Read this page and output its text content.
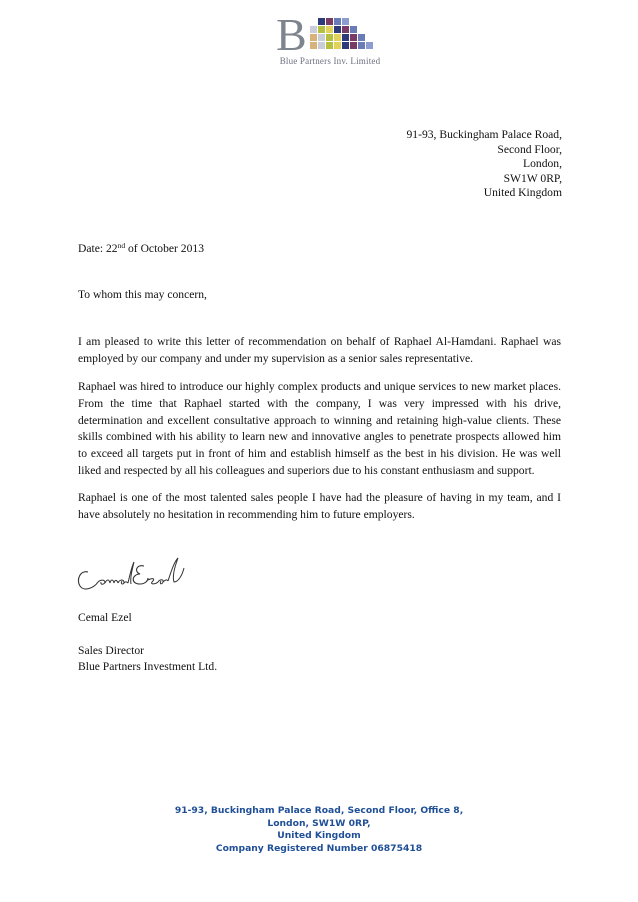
B
Blue Partners Inv. Limited
91-93, Buckingham Palace Road,
Second Floor,
London,
SW1W 0RP,
United Kingdom
Date: 22nd of October 2013
To whom this may concern,

I am pleased to write this letter of recommendation on behalf of Raphael Al-Hamdani. Raphael was employed by our company and under my supervision as a senior sales representative.

Raphael was hired to introduce our highly complex products and unique services to new market places. From the time that Raphael started with the company, I was very impressed with his drive, determination and excellent consultative approach to winning and retaining high-value clients. These skills combined with his ability to learn new and innovative angles to penetrate prospects allowed him to exceed all targets put in front of him and establish himself as the best in his division. He was well liked and respected by all his colleagues and superiors due to his constant enthusiasm and support.

Raphael is one of the most talented sales people I have had the pleasure of having in my team, and I have absolutely no hesitation in recommending him to future employers.

Cemal Ezel
Sales Director
Blue Partners Investment Ltd.
91-93, Buckingham Palace Road, Second Floor, Office 8,
London, SW1W 0RP,
United Kingdom
Company Registered Number 06875418
